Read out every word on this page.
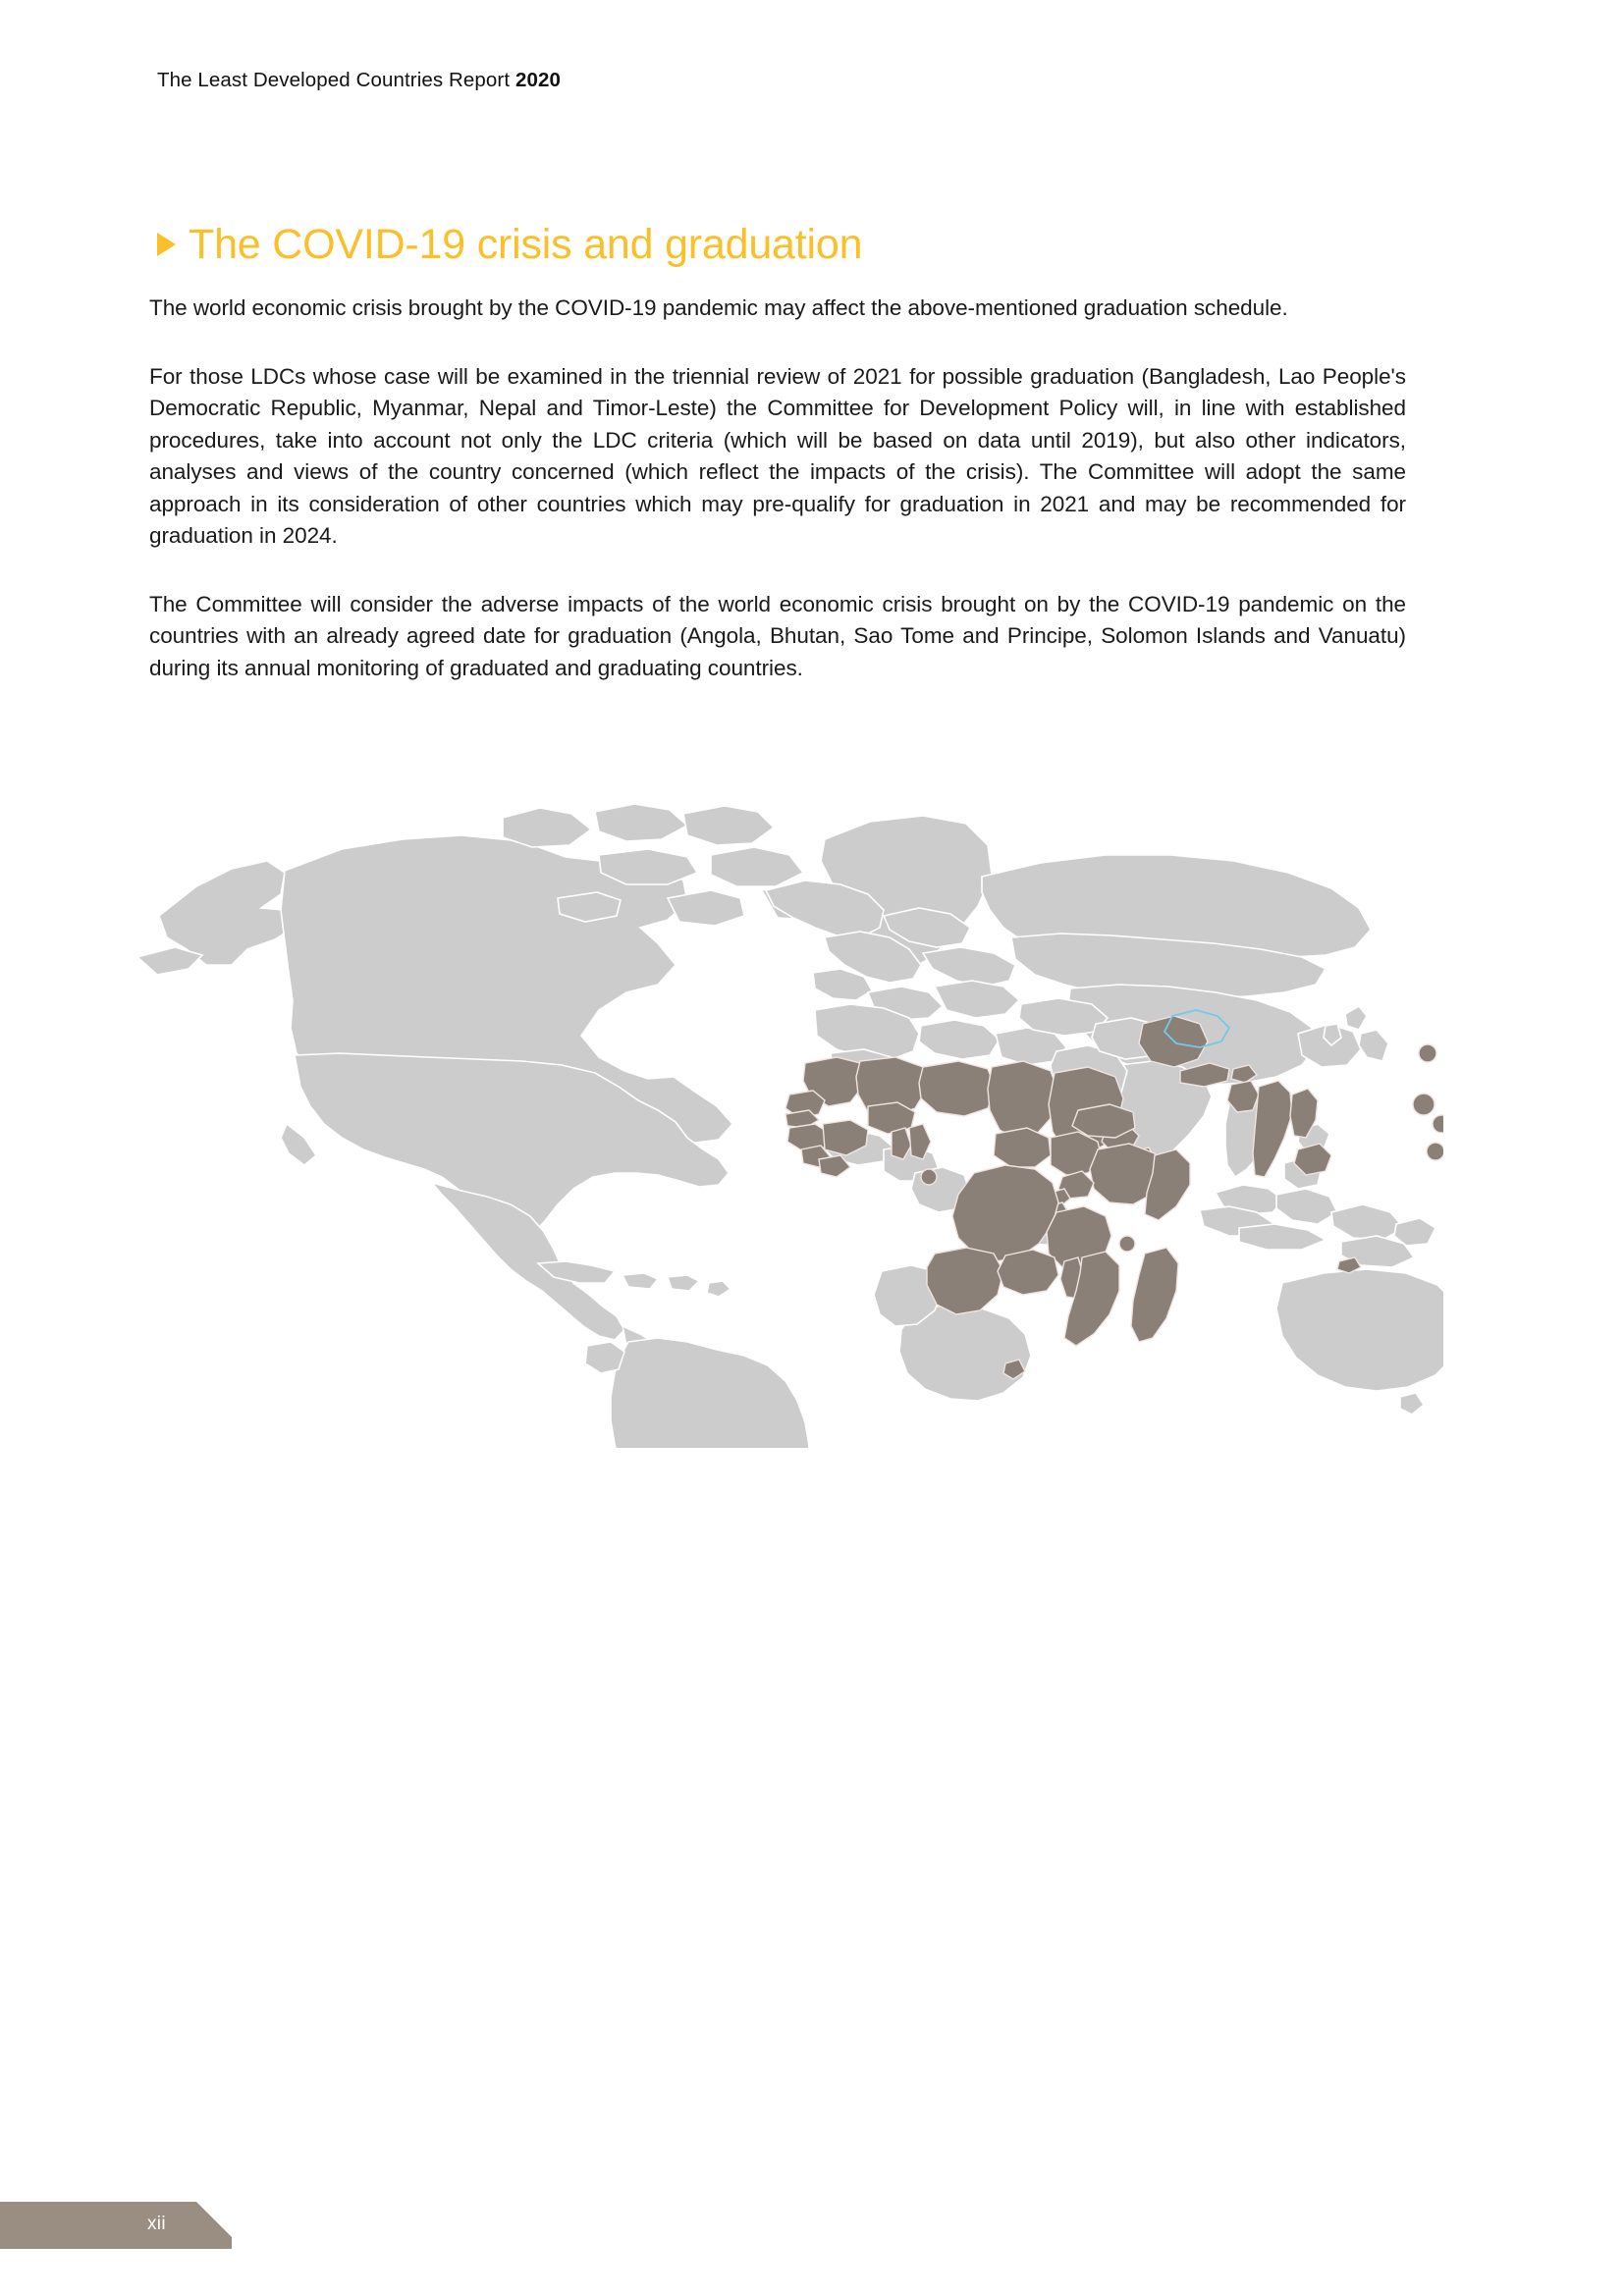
The Least Developed Countries Report 2020
The COVID-19 crisis and graduation

The world economic crisis brought by the COVID-19 pandemic may affect the above-mentioned graduation schedule.

For those LDCs whose case will be examined in the triennial review of 2021 for possible graduation (Bangladesh, Lao People's Democratic Republic, Myanmar, Nepal and Timor-Leste) the Committee for Development Policy will, in line with established procedures, take into account not only the LDC criteria (which will be based on data until 2019), but also other indicators, analyses and views of the country concerned (which reflect the impacts of the crisis). The Committee will adopt the same approach in its consideration of other countries which may pre-qualify for graduation in 2021 and may be recommended for graduation in 2024.

The Committee will consider the adverse impacts of the world economic crisis brought on by the COVID-19 pandemic on the countries with an already agreed date for graduation (Angola, Bhutan, Sao Tome and Principe, Solomon Islands and Vanuatu) during its annual monitoring of graduated and graduating countries.

xii
